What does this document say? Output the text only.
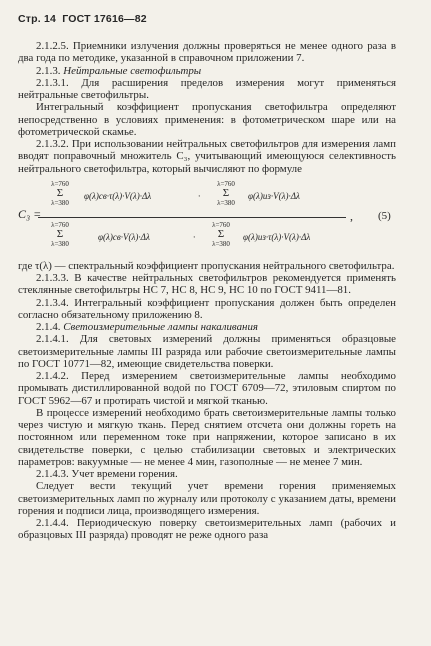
Стр. 14 ГОСТ 17616—82

2.1.2.5. Приемники излучения должны проверяться не менее одного раза в два года по методике, указанной в справочном приложении 7.

2.1.3. Нейтральные светофильтры

2.1.3.1. Для расширения пределов измерения могут применяться нейтральные светофильтры.

Интегральный коэффициент пропускания светофильтра определяют непосредственно в условиях применения: в фотометрическом шаре или на фотометрической скамье.

2.1.3.2. При использовании нейтральных светофильтров для измерения ламп вводят поправочный множитель C₃, учитывающий имеющуюся селективность нейтрального светофильтра, который вычисляют по формуле

C₃ =
λ=760
Σ
λ=380
φ(λ)св·τ(λ)·V(λ)·Δλ	·
λ=760
Σ
λ=380
φ(λ)из·V(λ)·Δλ
λ=760
Σ
λ=380
φ(λ)св·V(λ)·Δλ	·
λ=760
Σ
λ=380
φ(λ)из·τ(λ)·V(λ)·Δλ
, (5)

где τ(λ) — спектральный коэффициент пропускания нейтрального светофильтра.

2.1.3.3. В качестве нейтральных светофильтров рекомендуется применять стеклянные светофильтры НС 7, НС 8, НС 9, НС 10 по ГОСТ 9411—81.

2.1.3.4. Интегральный коэффициент пропускания должен быть определен согласно обязательному приложению 8.

2.1.4. Светоизмерительные лампы накаливания

2.1.4.1. Для световых измерений должны применяться образцовые светоизмерительные лампы III разряда или рабочие светоизмерительные лампы по ГОСТ 10771—82, имеющие свидетельства поверки.

2.1.4.2. Перед измерением светоизмерительные лампы необходимо промывать дистиллированной водой по ГОСТ 6709—72, этиловым спиртом по ГОСТ 5962—67 и протирать чистой и мягкой тканью.

В процессе измерений необходимо брать светоизмерительные лампы только через чистую и мягкую ткань. Перед снятием отсчета они должны гореть на постоянном или переменном токе при напряжении, которое записано в их свидетельстве поверки, с целью стабилизации световых и электрических параметров: вакуумные — не менее 4 мин, газополные — не менее 7 мин.

2.1.4.3. Учет времени горения.

Следует вести текущий учет времени горения применяемых светоизмерительных ламп по журналу или протоколу с указанием даты, времени горения и подписи лица, производящего измерения.

2.1.4.4. Периодическую поверку светоизмерительных ламп (рабочих и образцовых III разряда) проводят не реже одного раза
